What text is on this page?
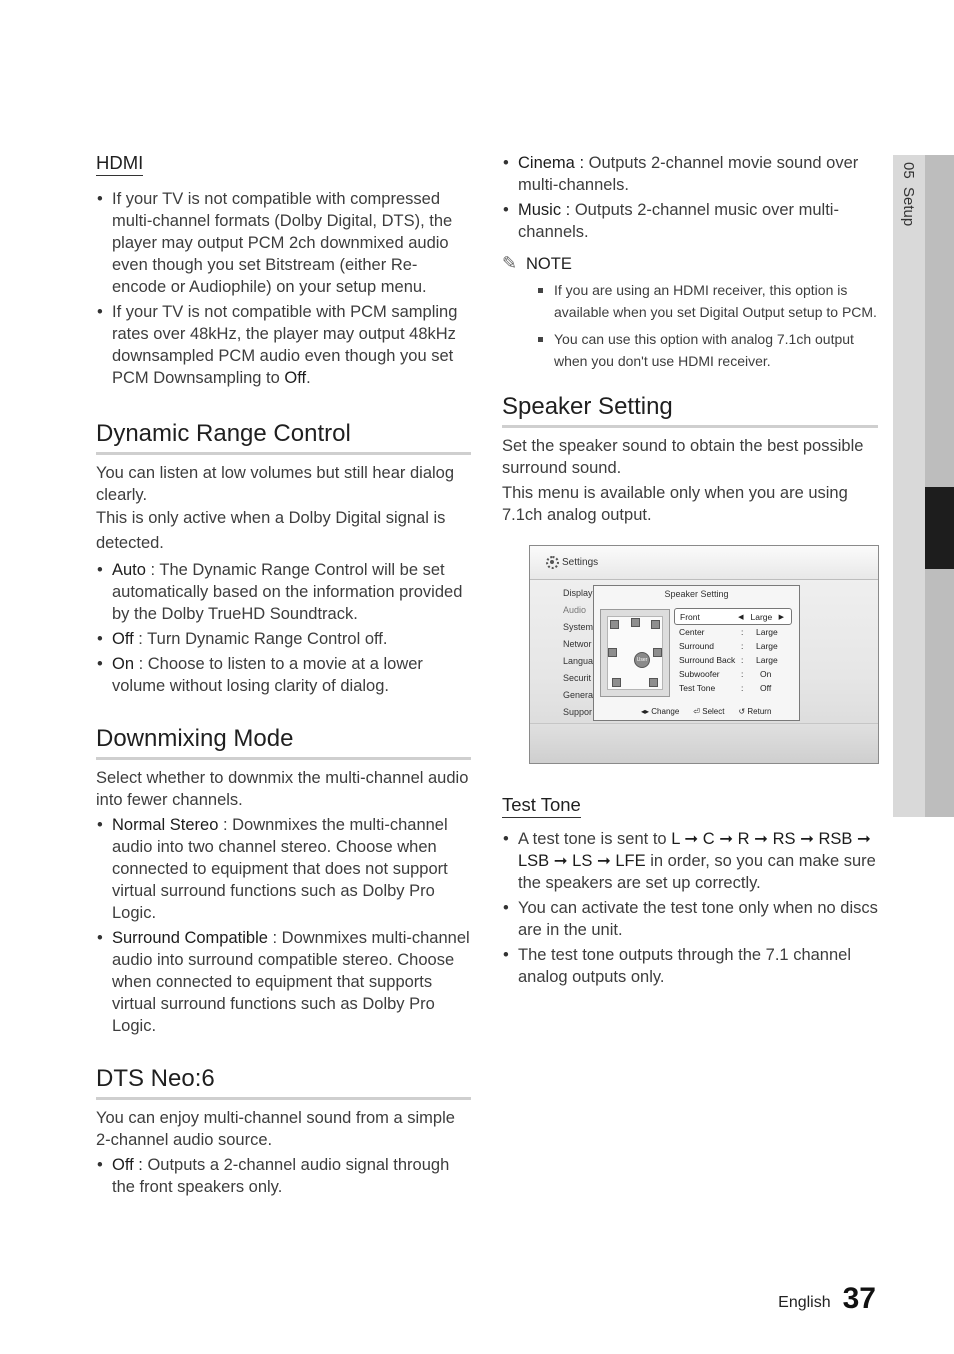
05  Setup
HDMI
• If your TV is not compatible with compressed multi-channel formats (Dolby Digital, DTS), the player may output PCM 2ch downmixed audio even though you set Bitstream (either Re-encode or Audiophile) on your setup menu.
• If your TV is not compatible with PCM sampling rates over 48kHz, the player may output 48kHz downsampled PCM audio even though you set PCM Downsampling to Off.
Dynamic Range Control

You can listen at low volumes but still hear dialog clearly.

This is only active when a Dolby Digital signal is detected.

• Auto : The Dynamic Range Control will be set automatically based on the information provided by the Dolby TrueHD Soundtrack.
• Off : Turn Dynamic Range Control off.
• On : Choose to listen to a movie at a lower volume without losing clarity of dialog.
Downmixing Mode

Select whether to downmix the multi-channel audio into fewer channels.

• Normal Stereo : Downmixes the multi-channel audio into two channel stereo. Choose when connected to equipment that does not support virtual surround functions such as Dolby Pro Logic.
• Surround Compatible : Downmixes multi-channel audio into surround compatible stereo. Choose when connected to equipment that supports virtual surround functions such as Dolby Pro Logic.
DTS Neo:6

You can enjoy multi-channel sound from a simple 2-channel audio source.

• Off : Outputs a 2-channel audio signal through the front speakers only.
• Cinema : Outputs 2-channel movie sound over multi-channels.
• Music : Outputs 2-channel music over multi-channels.
✎ NOTE
If you are using an HDMI receiver, this option is available when you set Digital Output setup to PCM.
You can use this option with analog 7.1ch output when you don't use HDMI receiver.
Speaker Setting

Set the speaker sound to obtain the best possible surround sound.

This menu is available only when you are using 7.1ch analog output.

Settings
Display
Audio
System
Networ
Langua
Securit
Genera
Suppor
Speaker Setting
User
Front	◀ Large ▶
Center	:	Large
Surround	:	Large
Surround Back :	Large
Subwoofer	:	On
Test Tone	:	Off
◂▸ Change ⏎ Select ↺ Return
Test Tone
• A test tone is sent to L ➞ C ➞ R ➞ RS ➞ RSB ➞ LSB ➞ LS ➞ LFE in order, so you can make sure the speakers are set up correctly.
• You can activate the test tone only when no discs are in the unit.
• The test tone outputs through the 7.1 channel analog outputs only.
English 37
